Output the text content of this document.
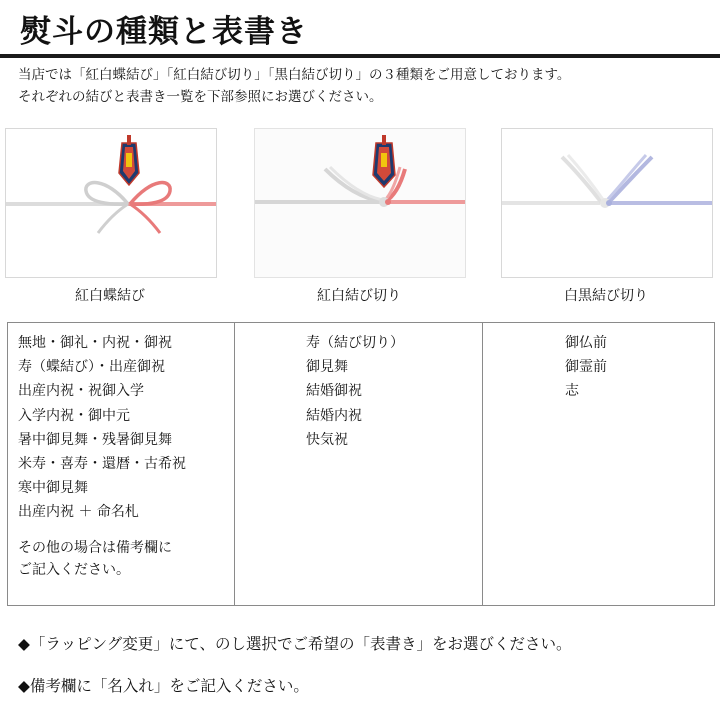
熨斗の種類と表書き
当店では「紅白蝶結び」「紅白結び切り」「黒白結び切り」の３種類をご用意しております。
それぞれの結びと表書き一覧を下部参照にお選びください。
紅白蝶結び	紅白結び切り	白黒結び切り
無地・御礼・内祝・御祝
寿（蝶結び）・出産御祝
出産内祝・祝御入学
入学内祝・御中元
暑中御見舞・残暑御見舞
米寿・喜寿・還暦・古希祝
寒中御見舞
出産内祝 ＋ 命名札
その他の場合は備考欄に
ご記入ください。
寿（結び切り）
御見舞
結婚御祝
結婚内祝
快気祝
御仏前
御霊前
志
◆「ラッピング変更」にて、のし選択でご希望の「表書き」をお選びください。
◆備考欄に「名入れ」をご記入ください。
